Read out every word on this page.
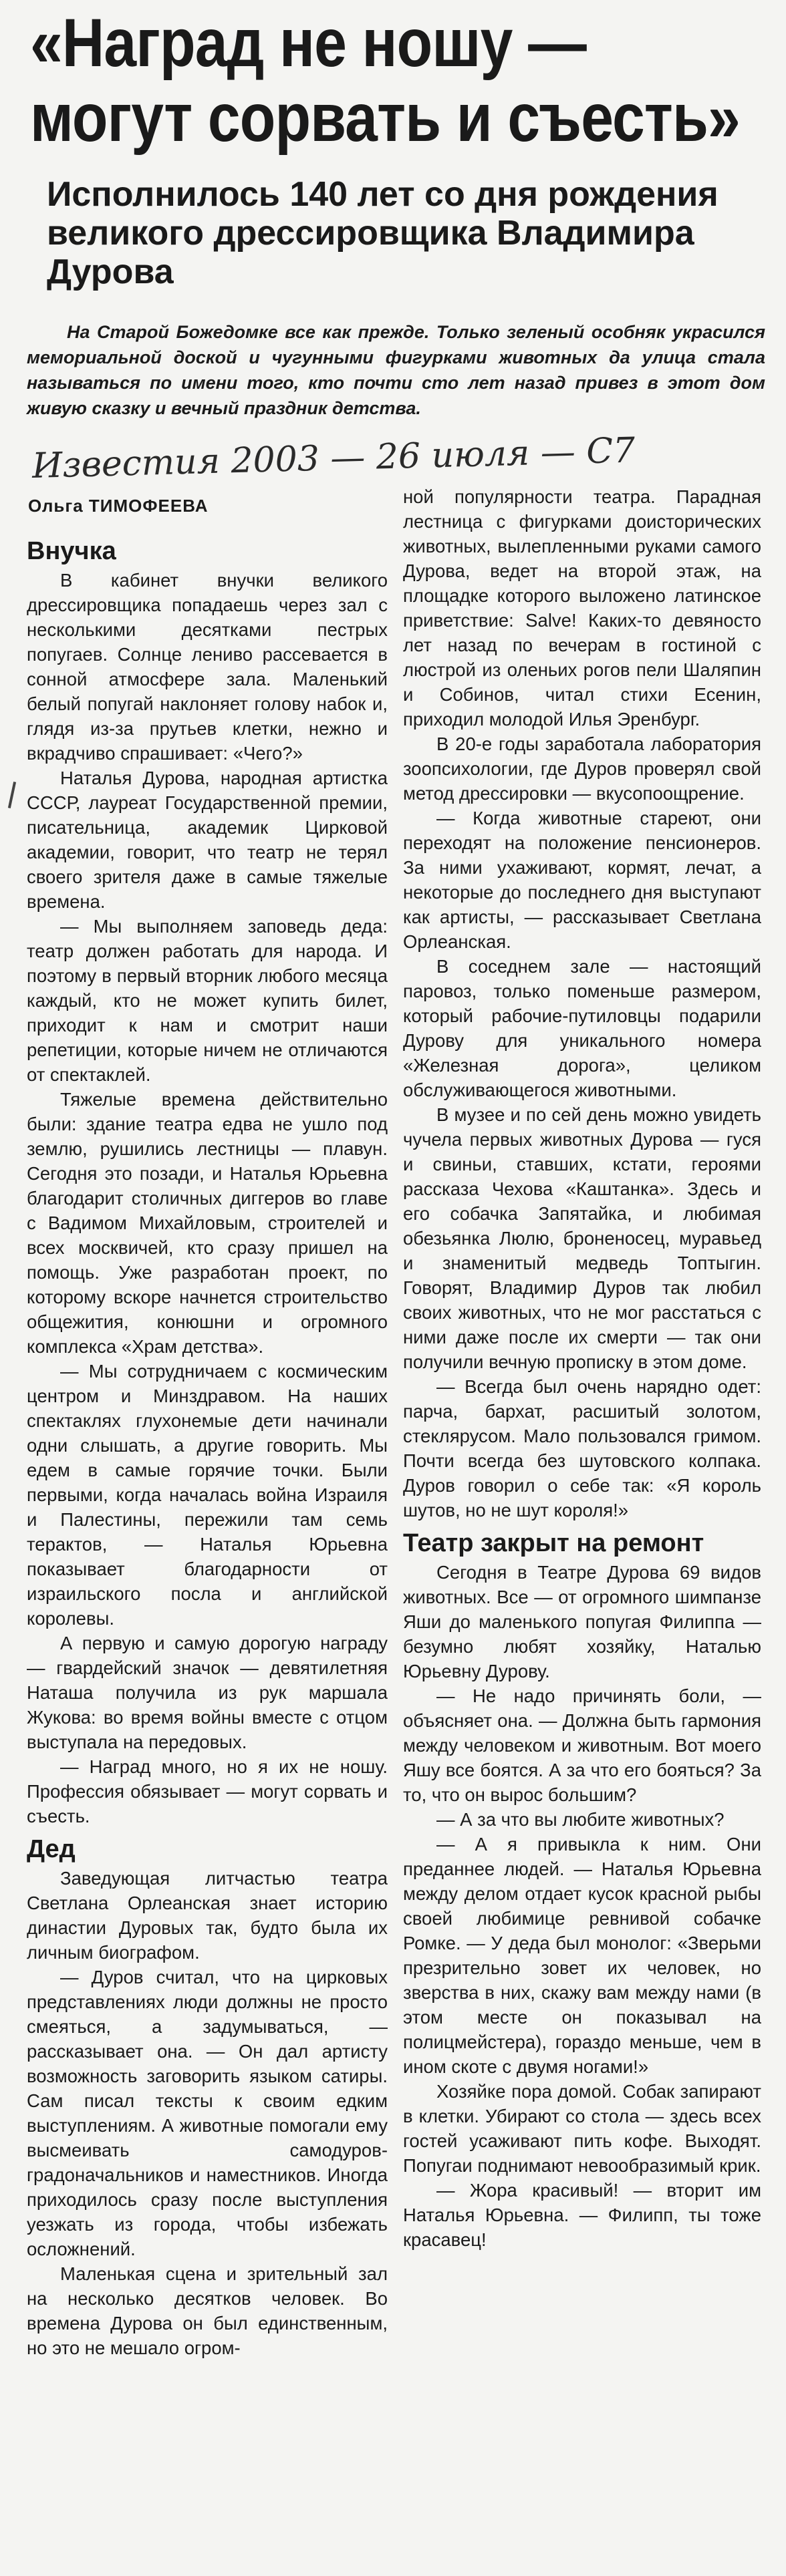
«Наград не ношу —
могут сорвать и съесть»
Исполнилось 140 лет со дня рождения великого дрессировщика Владимира Дурова
На Старой Божедомке все как прежде. Только зеленый особняк украсился мемориальной доской и чугунными фигурками животных да улица стала называться по имени того, кто почти сто лет назад привез в этот дом живую сказку и вечный праздник детства.
Известия 2003 — 26 июля — С7
Ольга ТИМОФЕЕВА
Внучка

В кабинет внучки великого дрессировщика попадаешь через зал с несколькими десятками пестрых попугаев. Солнце лениво рассевается в сонной атмосфере зала. Маленький белый попугай наклоняет голову набок и, глядя из-за прутьев клетки, нежно и вкрадчиво спрашивает: «Чего?»

Наталья Дурова, народная артистка СССР, лауреат Государственной премии, писательница, академик Цирковой академии, говорит, что театр не терял своего зрителя даже в самые тяжелые времена.

— Мы выполняем заповедь деда: театр должен работать для народа. И поэтому в первый вторник любого месяца каждый, кто не может купить билет, приходит к нам и смотрит наши репетиции, которые ничем не отличаются от спектаклей.

Тяжелые времена действительно были: здание театра едва не ушло под землю, рушились лестницы — плавун. Сегодня это позади, и Наталья Юрьевна благодарит столичных диггеров во главе с Вадимом Михайловым, строителей и всех москвичей, кто сразу пришел на помощь. Уже разработан проект, по которому вскоре начнется строительство общежития, конюшни и огромного комплекса «Храм детства».

— Мы сотрудничаем с космическим центром и Минздравом. На наших спектаклях глухонемые дети начинали одни слышать, а другие говорить. Мы едем в самые горячие точки. Были первыми, когда началась война Израиля и Палестины, пережили там семь терактов, — Наталья Юрьевна показывает благодарности от израильского посла и английской королевы.

А первую и самую дорогую награду — гвардейский значок — девятилетняя Наташа получила из рук маршала Жукова: во время войны вместе с отцом выступала на передовых.

— Наград много, но я их не ношу. Профессия обязывает — могут сорвать и съесть.

Дед

Заведующая литчастью театра Светлана Орлеанская знает историю династии Дуровых так, будто была их личным биографом.

— Дуров считал, что на цирковых представлениях люди должны не просто смеяться, а задумываться, — рассказывает она. — Он дал артисту возможность заговорить языком сатиры. Сам писал тексты к своим едким выступлениям. А животные помогали ему высмеивать самодуров-градоначальников и наместников. Иногда приходилось сразу после выступления уезжать из города, чтобы избежать осложнений.

Маленькая сцена и зрительный зал на несколько десятков человек. Во времена Дурова он был единственным, но это не мешало огром-

ной популярности театра. Парадная лестница с фигурками доисторических животных, вылепленными руками самого Дурова, ведет на второй этаж, на площадке которого выложено латинское приветствие: Salve! Каких-то девяносто лет назад по вечерам в гостиной с люстрой из оленьих рогов пели Шаляпин и Собинов, читал стихи Есенин, приходил молодой Илья Эренбург.

В 20-е годы заработала лаборатория зоопсихологии, где Дуров проверял свой метод дрессировки — вкусопоощрение.

— Когда животные стареют, они переходят на положение пенсионеров. За ними ухаживают, кормят, лечат, а некоторые до последнего дня выступают как артисты, — рассказывает Светлана Орлеанская.

В соседнем зале — настоящий паровоз, только поменьше размером, который рабочие-путиловцы подарили Дурову для уникального номера «Железная дорога», целиком обслуживающегося животными.

В музее и по сей день можно увидеть чучела первых животных Дурова — гуся и свиньи, ставших, кстати, героями рассказа Чехова «Каштанка». Здесь и его собачка Запятайка, и любимая обезьянка Люлю, броненосец, муравьед и знаменитый медведь Топтыгин. Говорят, Владимир Дуров так любил своих животных, что не мог расстаться с ними даже после их смерти — так они получили вечную прописку в этом доме.

— Всегда был очень нарядно одет: парча, бархат, расшитый золотом, стеклярусом. Мало пользовался гримом. Почти всегда без шутовского колпака. Дуров говорил о себе так: «Я король шутов, но не шут короля!»

Театр закрыт на ремонт

Сегодня в Театре Дурова 69 видов животных. Все — от огромного шимпанзе Яши до маленького попугая Филиппа — безумно любят хозяйку, Наталью Юрьевну Дурову.

— Не надо причинять боли, — объясняет она. — Должна быть гармония между человеком и животным. Вот моего Яшу все боятся. А за что его бояться? За то, что он вырос большим?

— А за что вы любите животных?

— А я привыкла к ним. Они преданнее людей. — Наталья Юрьевна между делом отдает кусок красной рыбы своей любимице ревнивой собачке Ромке. — У деда был монолог: «Зверьми презрительно зовет их человек, но зверства в них, скажу вам между нами (в этом месте он показывал на полицмейстера), гораздо меньше, чем в ином скоте с двумя ногами!»

Хозяйке пора домой. Собак запирают в клетки. Убирают со стола — здесь всех гостей усаживают пить кофе. Выходят. Попугаи поднимают невообразимый крик.

— Жора красивый! — вторит им Наталья Юрьевна. — Филипп, ты тоже красавец!
